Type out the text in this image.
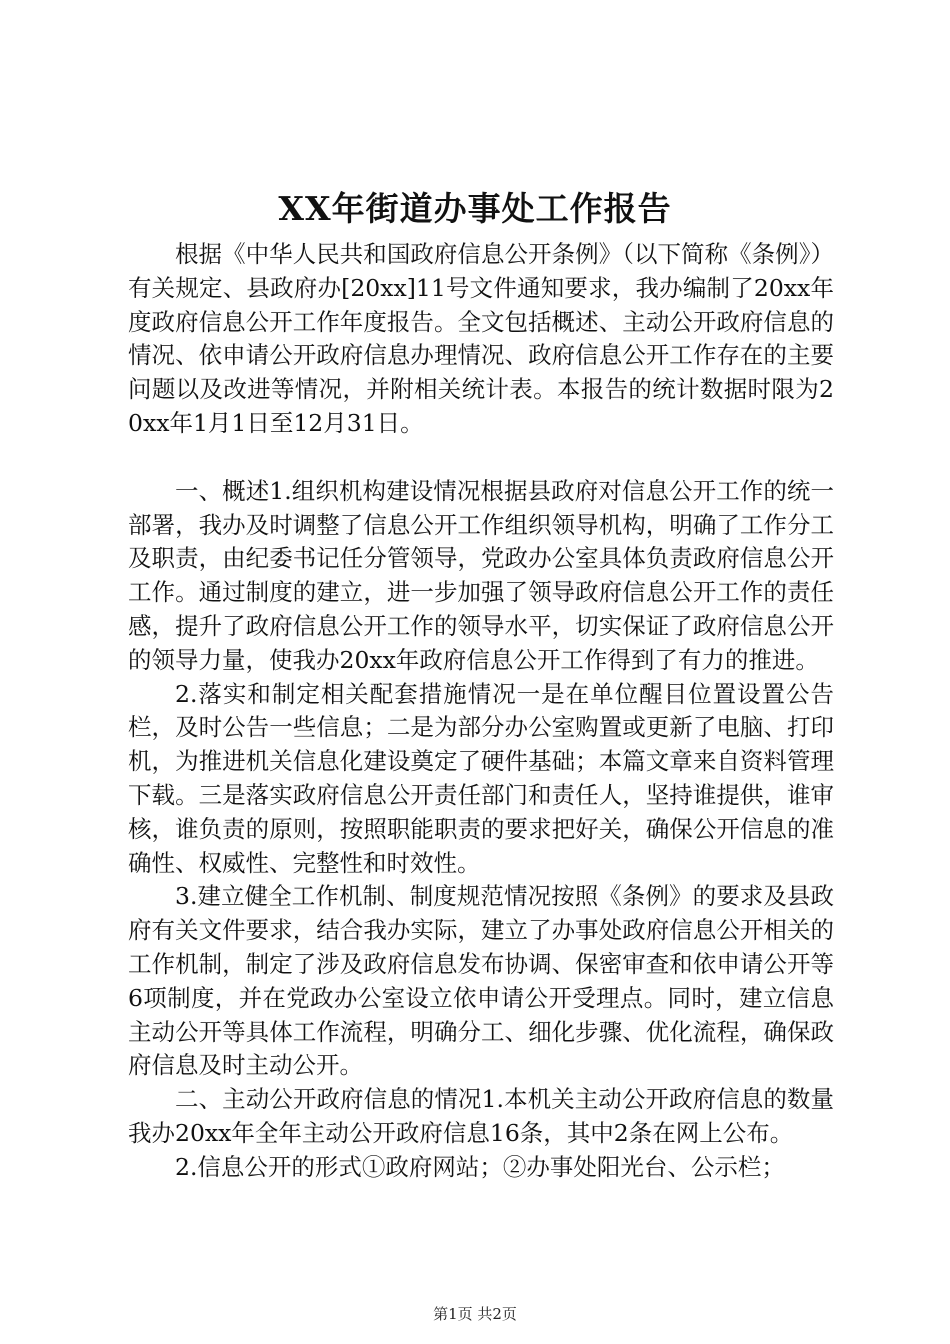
XX年街道办事处工作报告

根据《中华人民共和国政府信息公开条例》（以下简称《条例》）有关规定、县政府办[20xx]11号文件通知要求，我办编制了20xx年度政府信息公开工作年度报告。全文包括概述、主动公开政府信息的情况、依申请公开政府信息办理情况、政府信息公开工作存在的主要问题以及改进等情况，并附相关统计表。本报告的统计数据时限为20xx年1月1日至12月31日。

一、概述1.组织机构建设情况根据县政府对信息公开工作的统一部署，我办及时调整了信息公开工作组织领导机构，明确了工作分工及职责，由纪委书记任分管领导，党政办公室具体负责政府信息公开工作。通过制度的建立，进一步加强了领导政府信息公开工作的责任感，提升了政府信息公开工作的领导水平，切实保证了政府信息公开的领导力量，使我办20xx年政府信息公开工作得到了有力的推进。

2.落实和制定相关配套措施情况一是在单位醒目位置设置公告栏，及时公告一些信息；二是为部分办公室购置或更新了电脑、打印机，为推进机关信息化建设奠定了硬件基础；本篇文章来自资料管理下载。三是落实政府信息公开责任部门和责任人，坚持谁提供，谁审核，谁负责的原则，按照职能职责的要求把好关，确保公开信息的准确性、权威性、完整性和时效性。

3.建立健全工作机制、制度规范情况按照《条例》的要求及县政府有关文件要求，结合我办实际，建立了办事处政府信息公开相关的工作机制，制定了涉及政府信息发布协调、保密审查和依申请公开等6项制度，并在党政办公室设立依申请公开受理点。同时，建立信息主动公开等具体工作流程，明确分工、细化步骤、优化流程，确保政府信息及时主动公开。

二、主动公开政府信息的情况1.本机关主动公开政府信息的数量我办20xx年全年主动公开政府信息16条，其中2条在网上公布。

2.信息公开的形式①政府网站；②办事处阳光台、公示栏；

第1页 共2页
